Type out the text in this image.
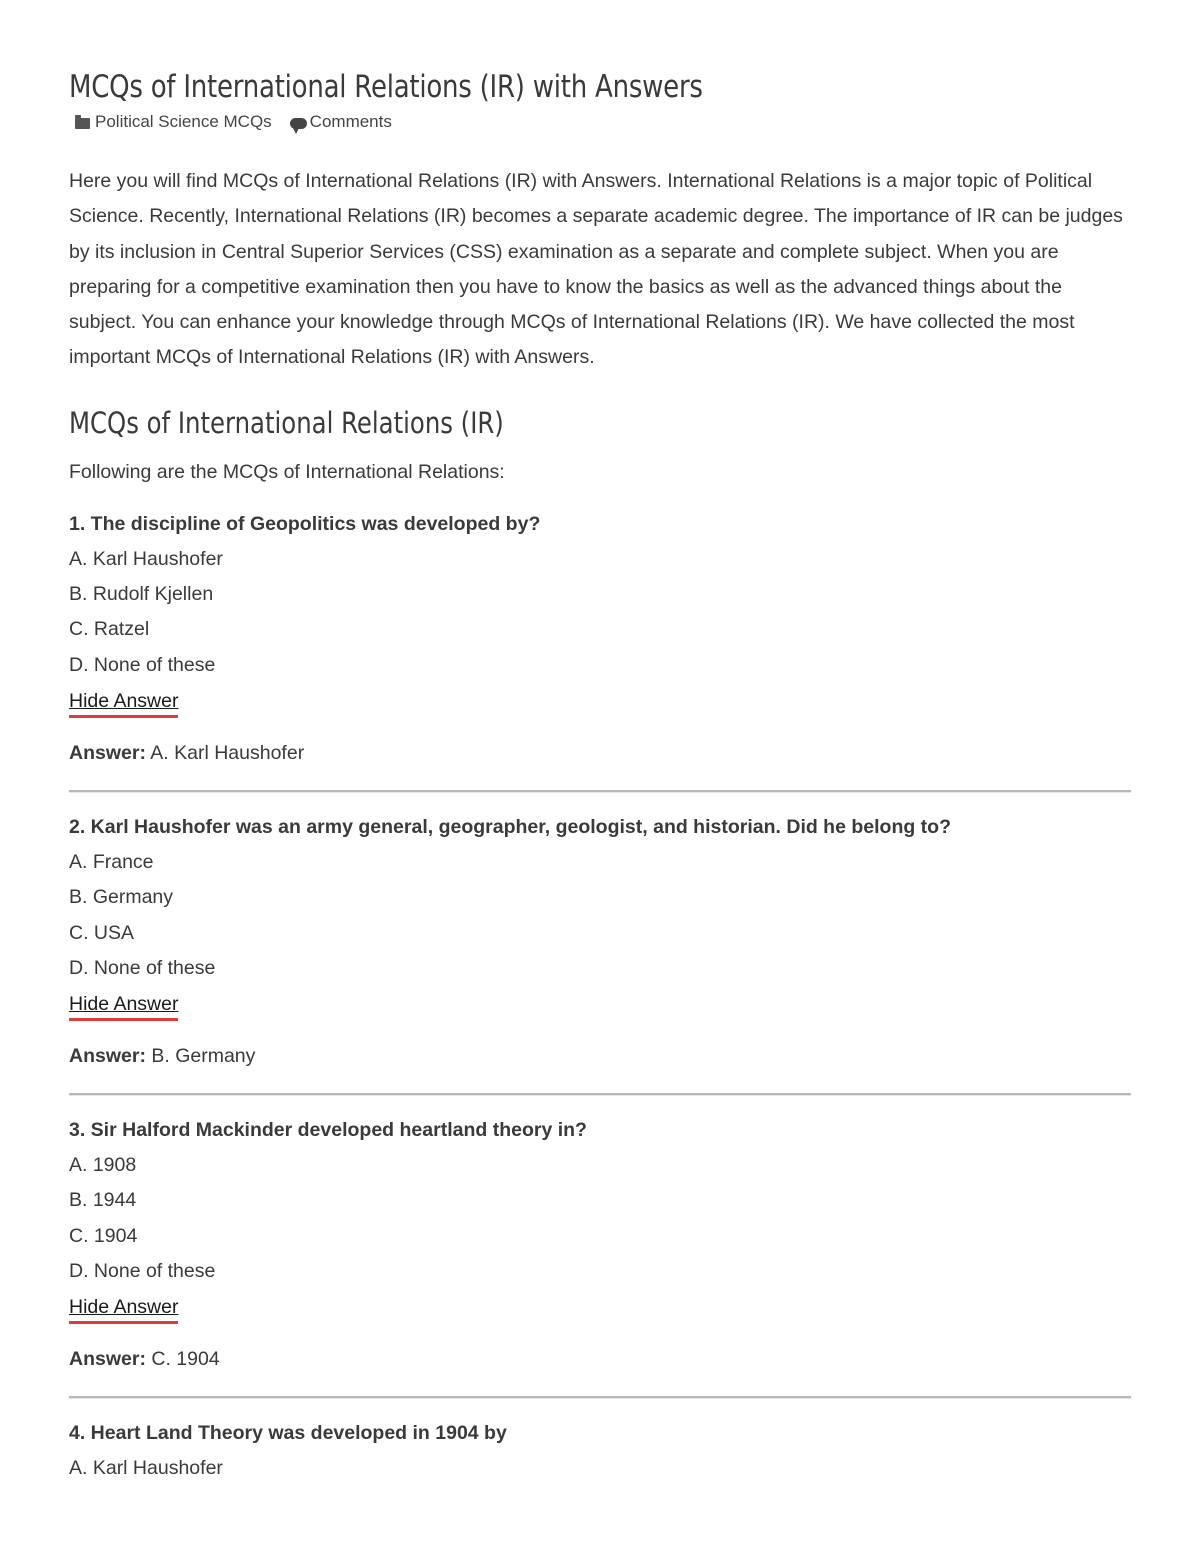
MCQs of International Relations (IR) with Answers
Political Science MCQs Comments

Here you will find MCQs of International Relations (IR) with Answers. International Relations is a major topic of Political Science. Recently, International Relations (IR) becomes a separate academic degree. The importance of IR can be judges by its inclusion in Central Superior Services (CSS) examination as a separate and complete subject. When you are preparing for a competitive examination then you have to know the basics as well as the advanced things about the subject. You can enhance your knowledge through MCQs of International Relations (IR). We have collected the most important MCQs of International Relations (IR) with Answers.

MCQs of International Relations (IR)

Following are the MCQs of International Relations:

1. The discipline of Geopolitics was developed by?
A. Karl Haushofer
B. Rudolf Kjellen
C. Ratzel
D. None of these
Hide Answer
Answer: A. Karl Haushofer
2. Karl Haushofer was an army general, geographer, geologist, and historian. Did he belong to?
A. France
B. Germany
C. USA
D. None of these
Hide Answer
Answer: B. Germany
3. Sir Halford Mackinder developed heartland theory in?
A. 1908
B. 1944
C. 1904
D. None of these
Hide Answer
Answer: C. 1904
4. Heart Land Theory was developed in 1904 by
A. Karl Haushofer
